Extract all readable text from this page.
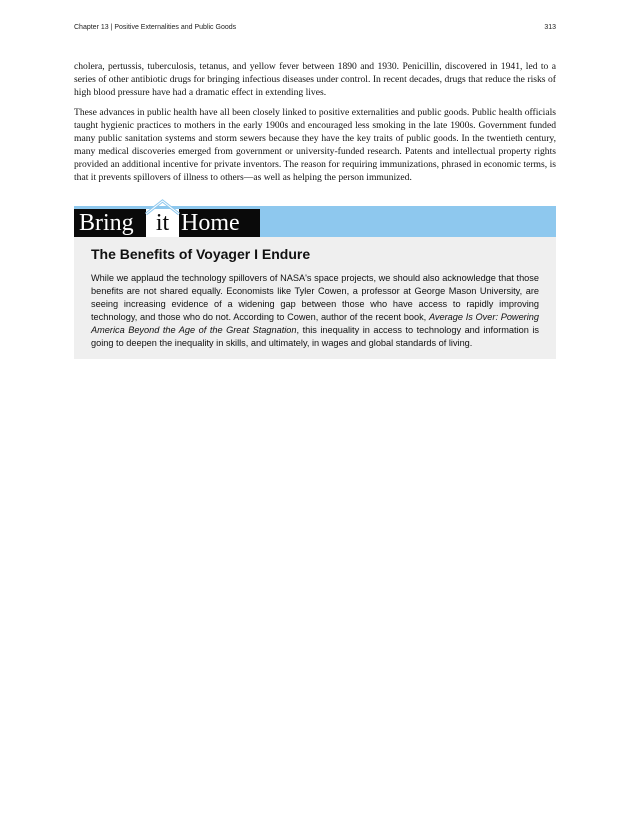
Chapter 13 | Positive Externalities and Public Goods	313

cholera, pertussis, tuberculosis, tetanus, and yellow fever between 1890 and 1930. Penicillin, discovered in 1941, led to a series of other antibiotic drugs for bringing infectious diseases under control. In recent decades, drugs that reduce the risks of high blood pressure have had a dramatic effect in extending lives.

These advances in public health have all been closely linked to positive externalities and public goods. Public health officials taught hygienic practices to mothers in the early 1900s and encouraged less smoking in the late 1900s. Government funded many public sanitation systems and storm sewers because they have the key traits of public goods. In the twentieth century, many medical discoveries emerged from government or university-funded research. Patents and intellectual property rights provided an additional incentive for private inventors. The reason for requiring immunizations, phrased in economic terms, is that it prevents spillovers of illness to others—as well as helping the person immunized.

Bring it Home
The Benefits of Voyager I Endure

While we applaud the technology spillovers of NASA's space projects, we should also acknowledge that those benefits are not shared equally. Economists like Tyler Cowen, a professor at George Mason University, are seeing increasing evidence of a widening gap between those who have access to rapidly improving technology, and those who do not. According to Cowen, author of the recent book, Average Is Over: Powering America Beyond the Age of the Great Stagnation, this inequality in access to technology and information is going to deepen the inequality in skills, and ultimately, in wages and global standards of living.
